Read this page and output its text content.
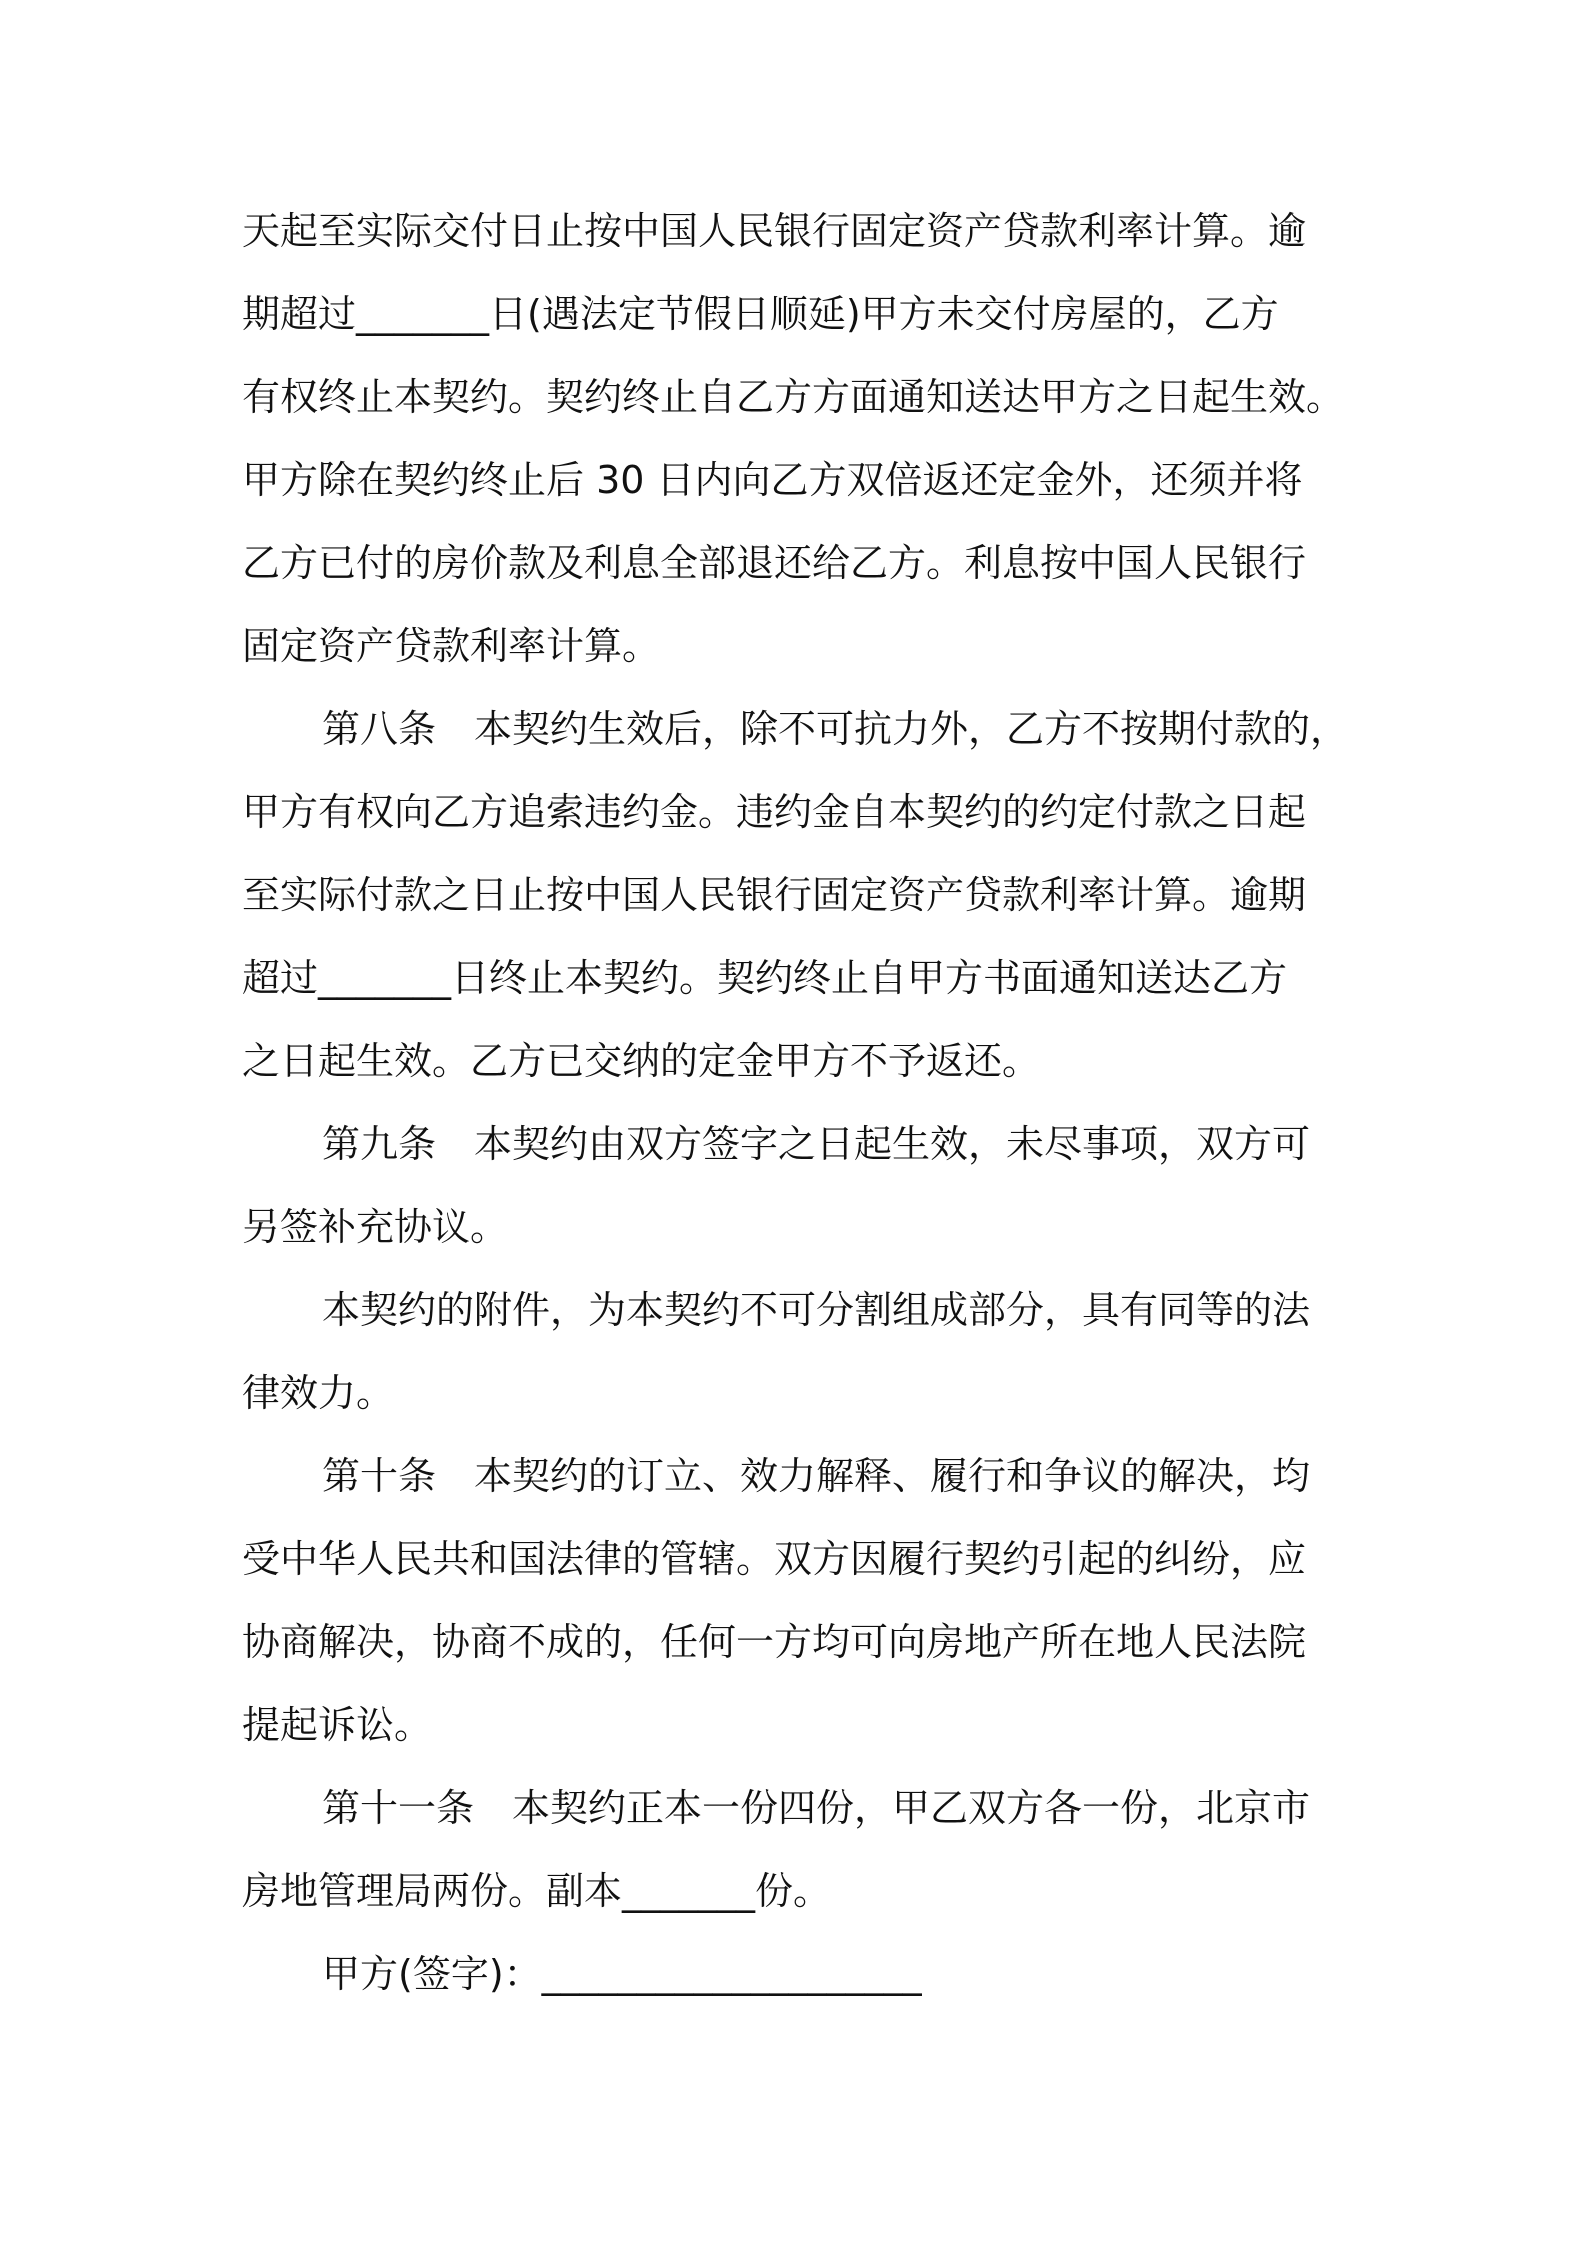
天起至实际交付日止按中国人民银行固定资产贷款利率计算。逾
期超过_______日(遇法定节假日顺延)甲方未交付房屋的，乙方
有权终止本契约。契约终止自乙方方面通知送达甲方之日起生效。
甲方除在契约终止后 30 日内向乙方双倍返还定金外，还须并将
乙方已付的房价款及利息全部退还给乙方。利息按中国人民银行
固定资产贷款利率计算。
第八条　本契约生效后，除不可抗力外，乙方不按期付款的，
甲方有权向乙方追索违约金。违约金自本契约的约定付款之日起
至实际付款之日止按中国人民银行固定资产贷款利率计算。逾期
超过_______日终止本契约。契约终止自甲方书面通知送达乙方
之日起生效。乙方已交纳的定金甲方不予返还。
第九条　本契约由双方签字之日起生效，未尽事项，双方可
另签补充协议。
本契约的附件，为本契约不可分割组成部分，具有同等的法
律效力。
第十条　本契约的订立、效力解释、履行和争议的解决，均
受中华人民共和国法律的管辖。双方因履行契约引起的纠纷，应
协商解决，协商不成的，任何一方均可向房地产所在地人民法院
提起诉讼。
第十一条　本契约正本一份四份，甲乙双方各一份，北京市
房地管理局两份。副本_______份。
甲方(签字)：____________________
